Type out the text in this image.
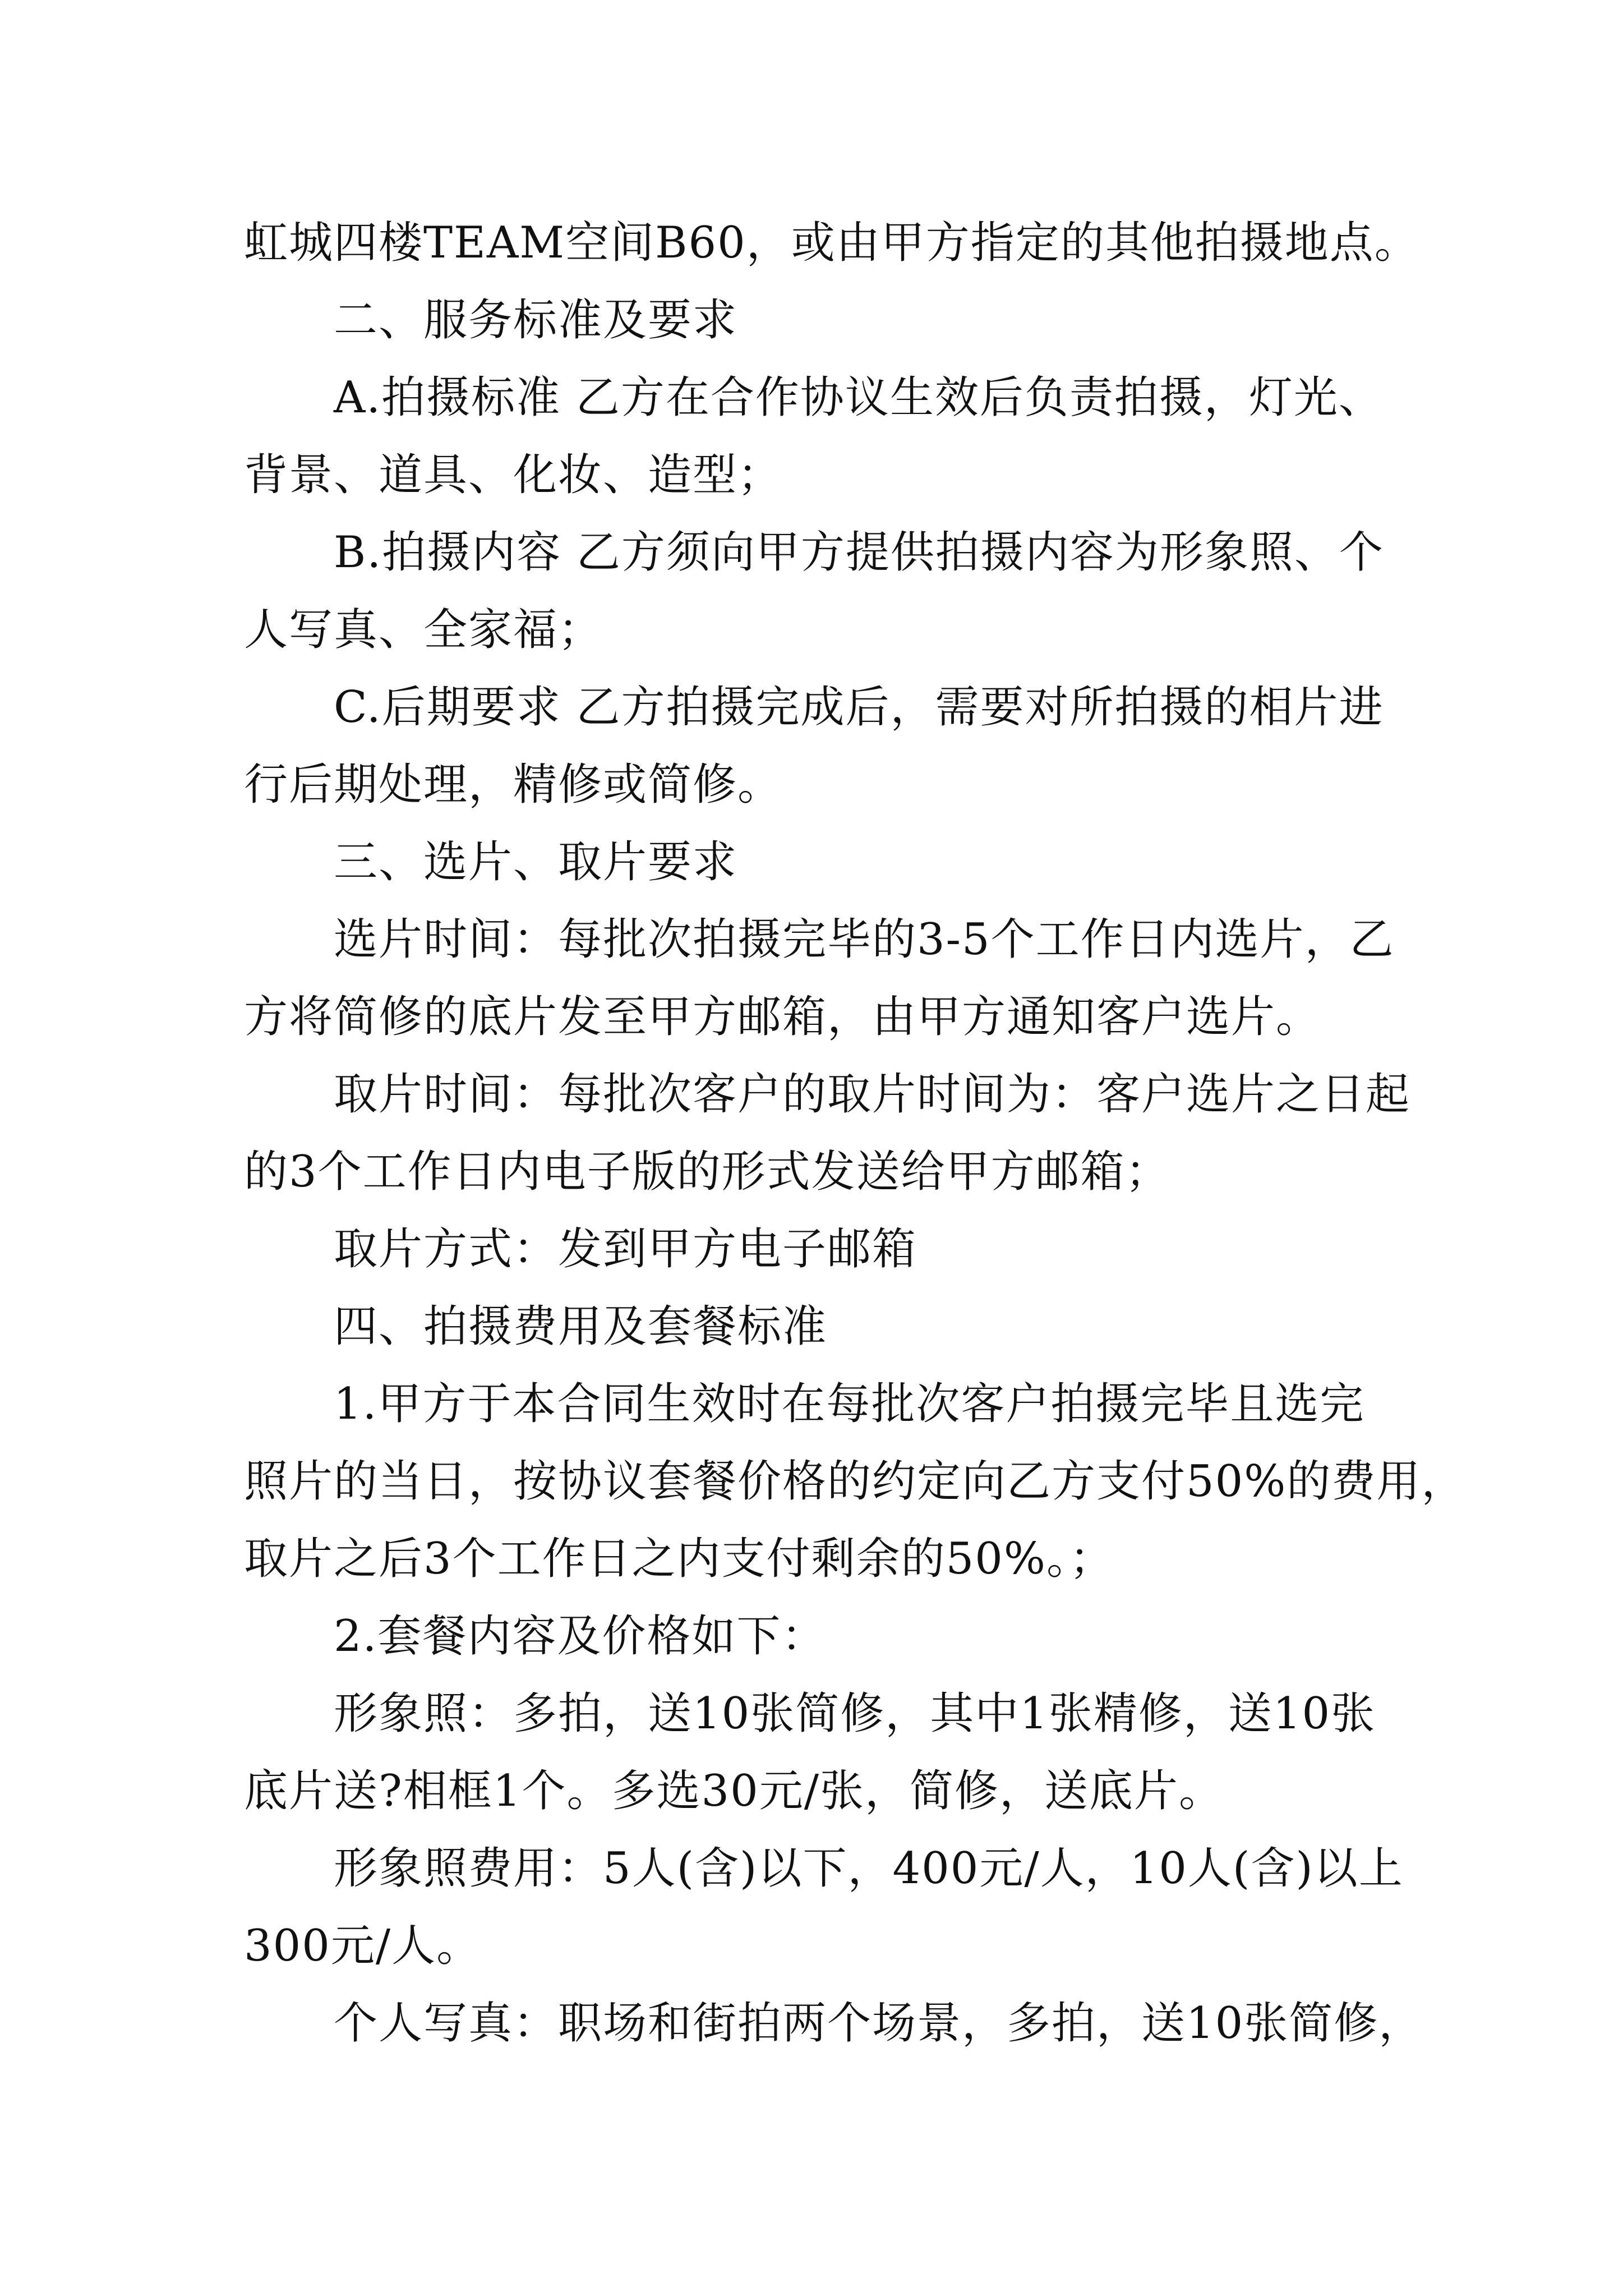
虹城四楼TEAM空间B60，或由甲方指定的其他拍摄地点。
二、服务标准及要求
A.拍摄标准 乙方在合作协议生效后负责拍摄，灯光、
背景、道具、化妆、造型；
B.拍摄内容 乙方须向甲方提供拍摄内容为形象照、个
人写真、全家福；
C.后期要求 乙方拍摄完成后，需要对所拍摄的相片进
行后期处理，精修或简修。
三、选片、取片要求
选片时间：每批次拍摄完毕的3-5个工作日内选片，乙
方将简修的底片发至甲方邮箱，由甲方通知客户选片。
取片时间：每批次客户的取片时间为：客户选片之日起
的3个工作日内电子版的形式发送给甲方邮箱；
取片方式：发到甲方电子邮箱
四、拍摄费用及套餐标准
1.甲方于本合同生效时在每批次客户拍摄完毕且选完
照片的当日，按协议套餐价格的约定向乙方支付50%的费用，
取片之后3个工作日之内支付剩余的50%。；
2.套餐内容及价格如下：
形象照：多拍，送10张简修，其中1张精修，送10张
底片送?相框1个。多选30元/张，简修，送底片。
形象照费用：5人(含)以下，400元/人，10人(含)以上
300元/人。
个人写真：职场和街拍两个场景，多拍，送10张简修，
